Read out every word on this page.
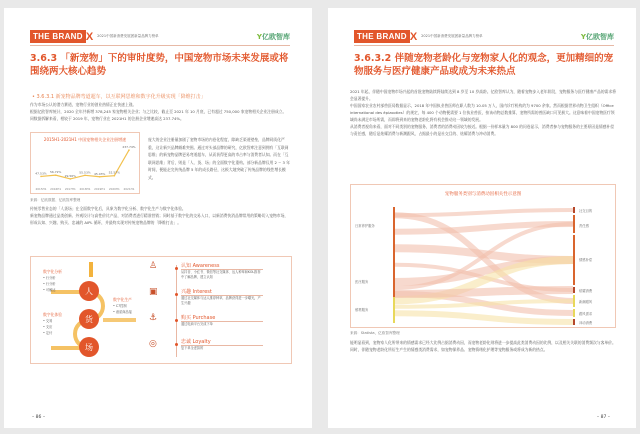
THE BRAND X 2021中国新消费发展团新量品牌力榜单	Y亿欧智库
3.6.3 「新宠物」下的审时度势，中国宠物市场未来发展或将围绕两大核心趋势
• 3.6.3.1 新宠物品牌弯道超车，以互联网思维和数字化升级实现「降维打击」

作为市场公认的潜力赛道，宠物行业的创业热情正在快速上涨。

根据亿欧智库统计，2020 全年共新增 378,245 家宠物相关企业；与之比较，截止至 2021 年 10 月底，已有超过 750,000 家宠物相关企业注册成立。同数据拆解来看，相较于 2019 年，宠物行业在 2021H1 的注册企业增速高达 237.74%。

2015H1-2021H1 中国宠物相关企业注册增速
47.53%
2015H1
56.72%
2016H1
29.56%
2017H1
55.53%
2018H1
45.03%
2019H1
52.57%
2020H1
237.74%
2021H1
庞大的企业注册量加剧了宠物市场的内卷化程度，除缺乏渠道壁垒，品牌同质化严重，这让新兴品牌颇难突围。通过对头部品牌的研究，亿欧智库注意到拥有「互联网思维」的新宠物品牌更易弯道超车，从而获得更高的市占率与消费者认知。而在「互联网思维」背后，则是「人、货、场」的全面数字化重构。部分新品牌仅用 2 ~ 3 年时间，便能走完传统品牌 5 年的成长路径，这极大地突破了传统品牌的线性增长模式。
来源：亿欧数据、亿欧智库整理

传统零售业态的「人货场」在全面数字化后，具象为数字化分析、数字化生产与数字化体验。

新宠物品牌通过品类创新、外观设计与高性价比产品，对消费者进行精准营销；同时基于数字化的交易入口，以新消费快消品牌常用的策略切入宠物市场，形成认知、兴趣、购买、忠诚的 AIPL 循环，并最终实现对传统宠物品牌的「降维打击」。

人
货
场
数字化分析
• 行分析
• 行分析
• 可触达
数字化体验
• 交易
• 支应
• 定付
数字化生产
• C7控制
• 诸质商品接
♙
▣
⚓
◎
认知 Awareness
从抖音、小红书、微信等社交媒体、达人种草和KOL推荐中了解品牌，建立认知
兴趣 Interest
通过社交媒体与达人推荐种草，品牌获得进一步曝光，产生兴趣
购买 Purchase
通过电商平台完成下单
忠诚 Loyalty
复下单全虚拟的
– 86 –
THE BRAND X 2021中国新消费发展团新量品牌力榜单	Y亿欧智库
3.6.3.2 伴随宠物老龄化与宠物家人化的观念，更加精细的宠物服务与医疗健康产品或成为未来热点

2021 年起，伴随中国宠物市场兴起的首批宠物陆续将陆续达到 8 岁至 10 岁高龄。亿欧智库认为，随着宠物步入老年阶段，宠物服务与医疗健康产品的需求将会显著提升。

中国国家农业农村部兽医局数据显示，2018 年中国执业兽医师在职人数为 10.05 万人，国内诊疗机构约为 9700 余家。然而根据世界动物卫生组织（Office international des épizooties）的规定，每 400 个动物便需要 1 位执业兽医，按该动物总数推算，宠物所需的兽医缺口可见极大。这意味着中国宠物医疗领域尚未满足市场所需，而即将到来的宠物老龄化将有机会推动这一领域的发展。

从消费者视角来看，面对不同类别的宠物服务，消费者的消费动因较为接近。根据一份样本量为 800 的问卷显示，消费者参与宠物服务的主要原因是情感补偿与责任感，随后是炫耀消费与新潮跟风，占据最小的是社交目的、炫耀消费与冲动消费。

宠物服务类别与消费动因相关性示意图
日常养护服务
医疗服务
殡葬服务
社交目的
责任感
情感补偿
炫耀消费
新潮跟风
跟风需求
冲动消费
来源：Statista，亿欧智库整理
能明显看到，宠物家人化所带来的情感需求已经大比例占据消费动因，而宠物老龄化则将进一步提高此类消费动因的比例，以及相关关联的消费频次与客单价。同时，伴随宠物老龄化所衍生产生的情感类消费需求，如宠物保养品、宠物情绪化护理等宠物服务或将成为新的热点。
– 87 –
